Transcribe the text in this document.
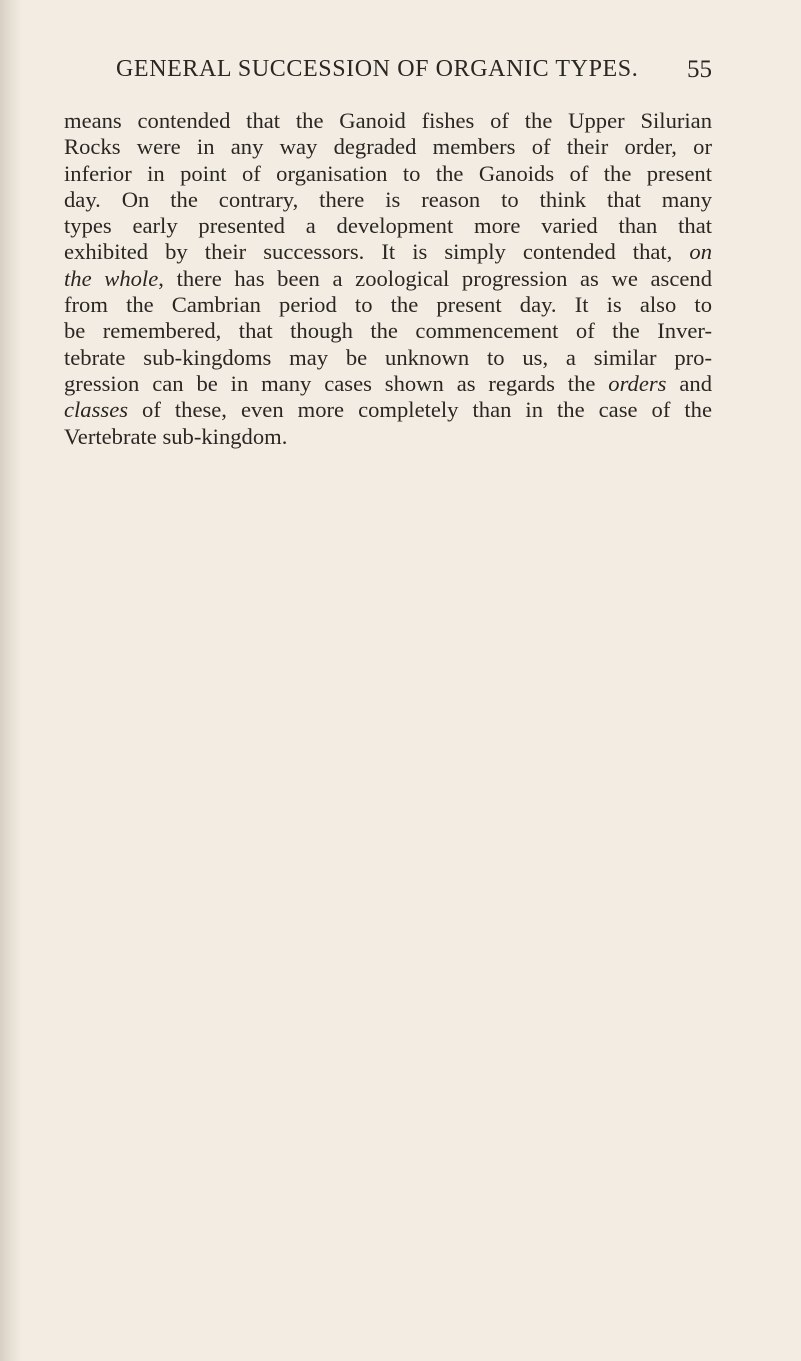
GENERAL SUCCESSION OF ORGANIC TYPES. 55
means contended that the Ganoid fishes of the Upper Silurian
Rocks were in any way degraded members of their order, or
inferior in point of organisation to the Ganoids of the present
day. On the contrary, there is reason to think that many
types early presented a development more varied than that
exhibited by their successors. It is simply contended that, on
the whole, there has been a zoological progression as we ascend
from the Cambrian period to the present day. It is also to
be remembered, that though the commencement of the Inver-
tebrate sub-kingdoms may be unknown to us, a similar pro-
gression can be in many cases shown as regards the orders and
classes of these, even more completely than in the case of the
Vertebrate sub-kingdom.
